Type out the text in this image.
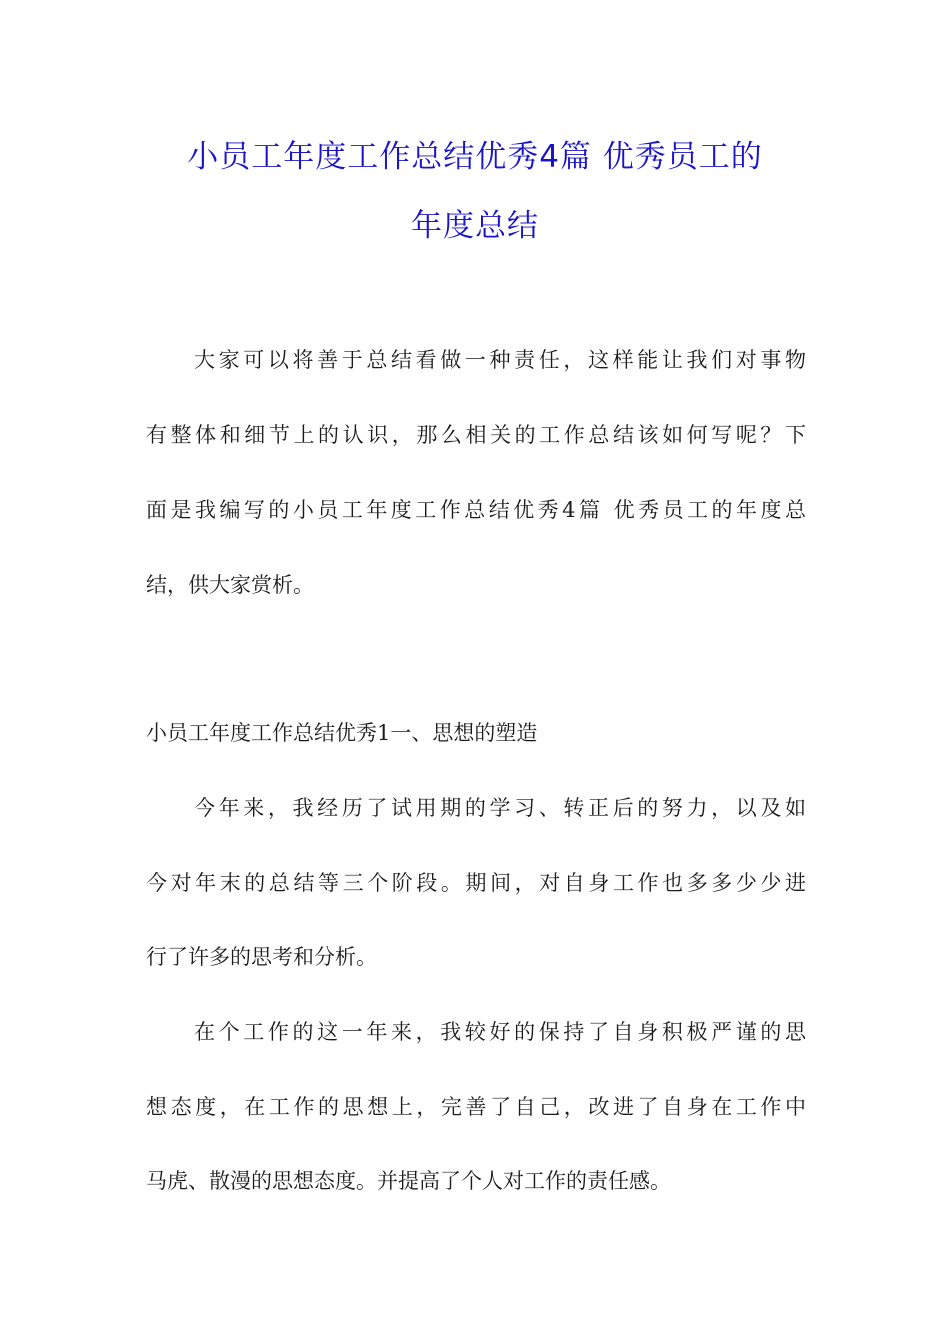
小员工年度工作总结优秀4篇 优秀员工的
年度总结
大家可以将善于总结看做一种责任，这样能让我们对事物
有整体和细节上的认识，那么相关的工作总结该如何写呢？下
面是我编写的小员工年度工作总结优秀4篇 优秀员工的年度总
结，供大家赏析。
小员工年度工作总结优秀1一、思想的塑造
今年来，我经历了试用期的学习、转正后的努力，以及如
今对年末的总结等三个阶段。期间，对自身工作也多多少少进
行了许多的思考和分析。
在个工作的这一年来，我较好的保持了自身积极严谨的思
想态度，在工作的思想上，完善了自己，改进了自身在工作中
马虎、散漫的思想态度。并提高了个人对工作的责任感。
